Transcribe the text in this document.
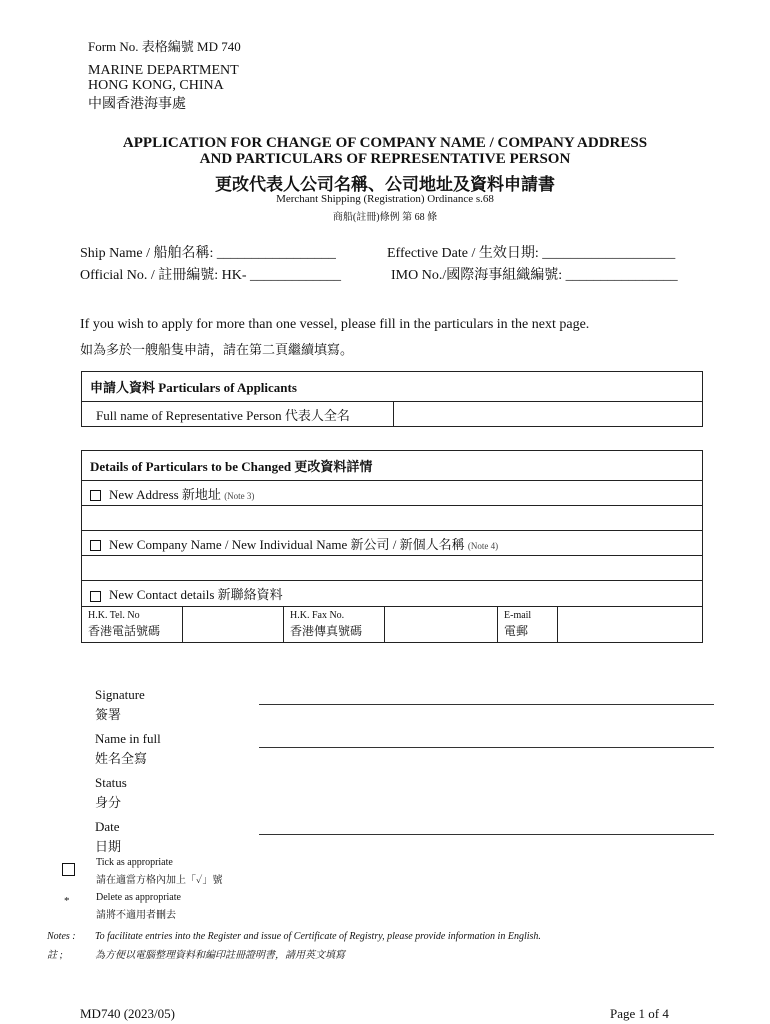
Form No. 表格編號 MD 740
MARINE DEPARTMENT
HONG KONG, CHINA
中國香港海事處
APPLICATION FOR CHANGE OF COMPANY NAME / COMPANY ADDRESS
AND PARTICULARS OF REPRESENTATIVE PERSON
更改代表人公司名稱、公司地址及資料申請書
Merchant Shipping (Registration) Ordinance s.68
商船(註冊)條例 第 68 條
Ship Name / 船舶名稱: _________________	Effective Date / 生效日期: ___________________
Official No. / 註冊編號: HK- _____________	IMO No./國際海事組織編號: ________________
If you wish to apply for more than one vessel, please fill in the particulars in the next page.
如為多於一艘船隻申請，請在第二頁繼續填寫。
申請人資料 Particulars of Applicants
Full name of Representative Person 代表人全名	
Details of Particulars to be Changed 更改資料詳情
New Address 新地址 (Note 3)

New Company Name / New Individual Name 新公司 / 新個人名稱 (Note 4)

New Contact details 新聯絡資料

H.K. Tel. No
香港電話號碼

H.K. Fax No.
香港傳真號碼

E-mail
電郵

Signature
簽署
Name in full
姓名全寫
Status
身分
Date
日期
Tick as appropriate
請在適當方格內加上「✓」號
*	Delete as appropriate
請將不適用者刪去
Notes :
註 ;
To facilitate entries into the Register and issue of Certificate of Registry, please provide information in English.
為方便以電腦整理資料和編印註冊證明書，請用英文填寫
MD740 (2023/05)	Page 1 of 4
